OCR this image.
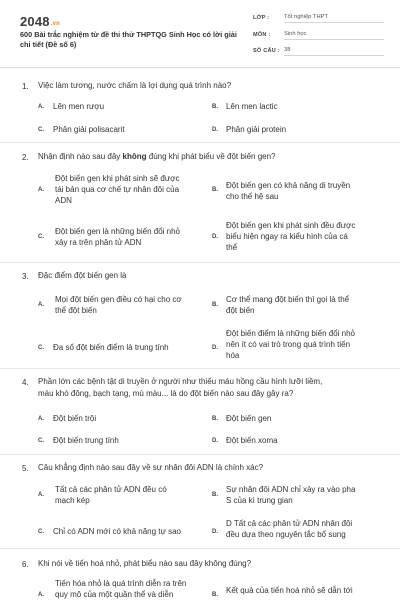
2048.vn
600 Bài trắc nghiệm từ đề thi thử THPTQG Sinh Học có lời giải chi tiết (Đề số 6)
LỚP :	Tốt nghiệp THPT
MÔN : Sinh học
SỐ CÂU : 38
1. Việc làm tương, nước chấm là lợi dụng quá trình nào?
A. Lên men rượu	B. Lên men lactic
C. Phân giải polisacarit	D. Phân giải protein
2. Nhận định nào sau đây không đúng khi phát biểu về đột biến gen?
A.
Đột biến gen khi phát sinh sẽ được
tái bản qua cơ chế tự nhân đôi của
ADN
B. Đột biến gen có khả năng di truyền
cho thế hệ sau
C.
Đột biến gen là những biến đổi nhỏ
xảy ra trên phân tử ADN
D.
Đột biến gen khi phát sinh đều được
biểu hiện ngay ra kiểu hình của cá
thể
3. Đặc điểm đột biến gen là
A.
Mọi đột biến gen điều có hại cho cơ
thể đột biến
B.
Cơ thể mang đột biến thì gọi là thể
đột biến
C. Đa số đột biến điểm là trung tính	D.
Đột biến điểm là những biến đổi nhỏ
nên ít có vai trò trong quá trình tiến
hóa
4. Phần lớn các bệnh tật di truyền ở người như thiếu máu hồng cầu hình lưỡi liềm,
máu khó đông, bạch tạng, mù màu... là do đột biến nào sau đây gây ra?
A. Đột biến trội	B. Đột biến gen
C. Đột biến trung tính	D. Đột biến xoma
5. Câu khẳng định nào sau đây về sự nhân đôi ADN là chính xác?
A.
Tất cả các phân tử ADN đều có
mạch kép
B.
Sự nhân đôi ADN chỉ xảy ra vào pha
S của kì trung gian
C. Chỉ có ADN mới có khả năng tự sao	D.
D Tất cả các phân tử ADN nhân đôi
đều dựa theo nguyên tắc bổ sung
6. Khi nói về tiến hoá nhỏ, phát biểu nào sau đây không đúng?
A.
Tiến hóa nhỏ là quá trình diễn ra trên
quy mô của một quần thể và diễn	B. Kết quả của tiến hoá nhỏ sẽ dẫn tới
